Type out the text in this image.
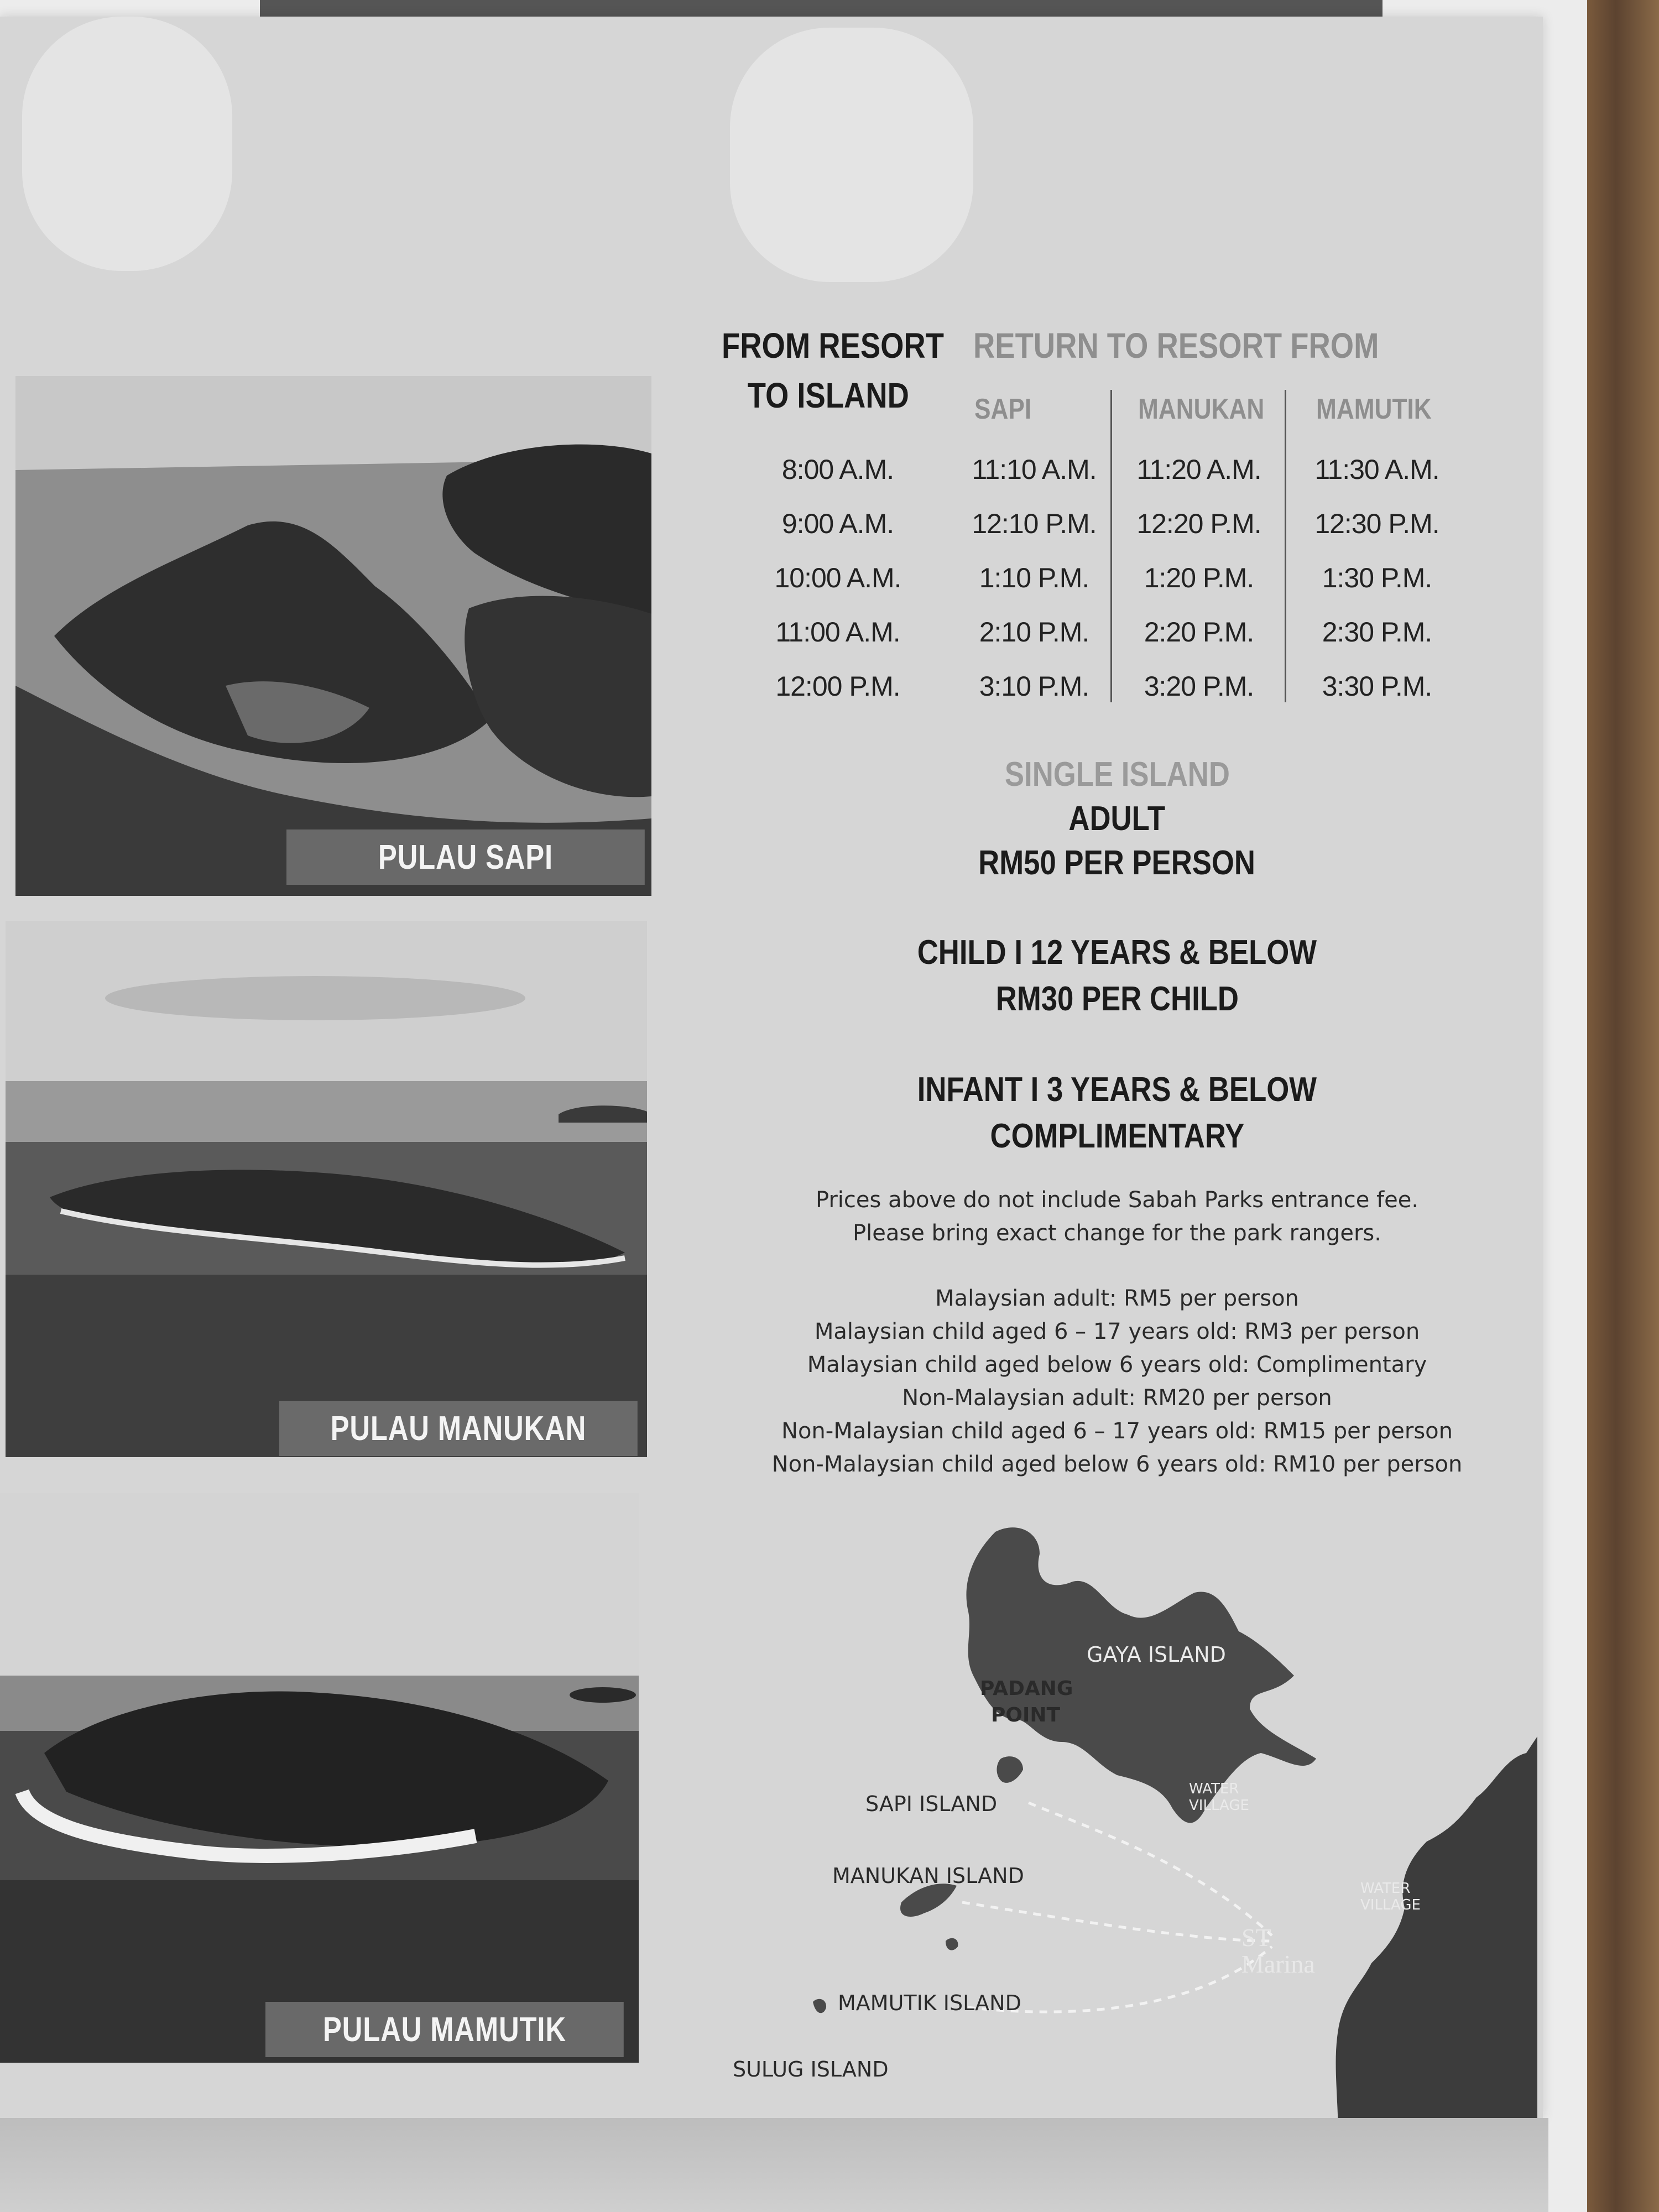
PULAU SAPI
PULAU MANUKAN
PULAU MAMUTIK
FROM RESORT
TO ISLAND
RETURN TO RESORT FROM
SAPI	MANUKAN MAMUTIK
8:00 A.M.
9:00 A.M.
10:00 A.M.
11:00 A.M.
12:00 P.M.
11:10 A.M.
12:10 P.M.
1:10 P.M.
2:10 P.M.
3:10 P.M.
11:20 A.M.
12:20 P.M.
1:20 P.M.
2:20 P.M.
3:20 P.M.
11:30 A.M.
12:30 P.M.
1:30 P.M.
2:30 P.M.
3:30 P.M.
SINGLE ISLAND
ADULT
RM50 PER PERSON
CHILD I 12 YEARS & BELOW
RM30 PER CHILD
INFANT I 3 YEARS & BELOW
COMPLIMENTARY
Prices above do not include Sabah Parks entrance fee.
Please bring exact change for the park rangers.
Malaysian adult: RM5 per person
Malaysian child aged 6 – 17 years old: RM3 per person
Malaysian child aged below 6 years old: Complimentary
Non-Malaysian adult: RM20 per person
Non-Malaysian child aged 6 – 17 years old: RM15 per person
Non-Malaysian child aged below 6 years old: RM10 per person
GAYA ISLAND
PADANG
POINT
WATER
VILLAGE
WATER
VILLAGE
SAPI ISLAND
MANUKAN ISLAND
MAMUTIK ISLAND
SULUG ISLAND
ST
Marina
